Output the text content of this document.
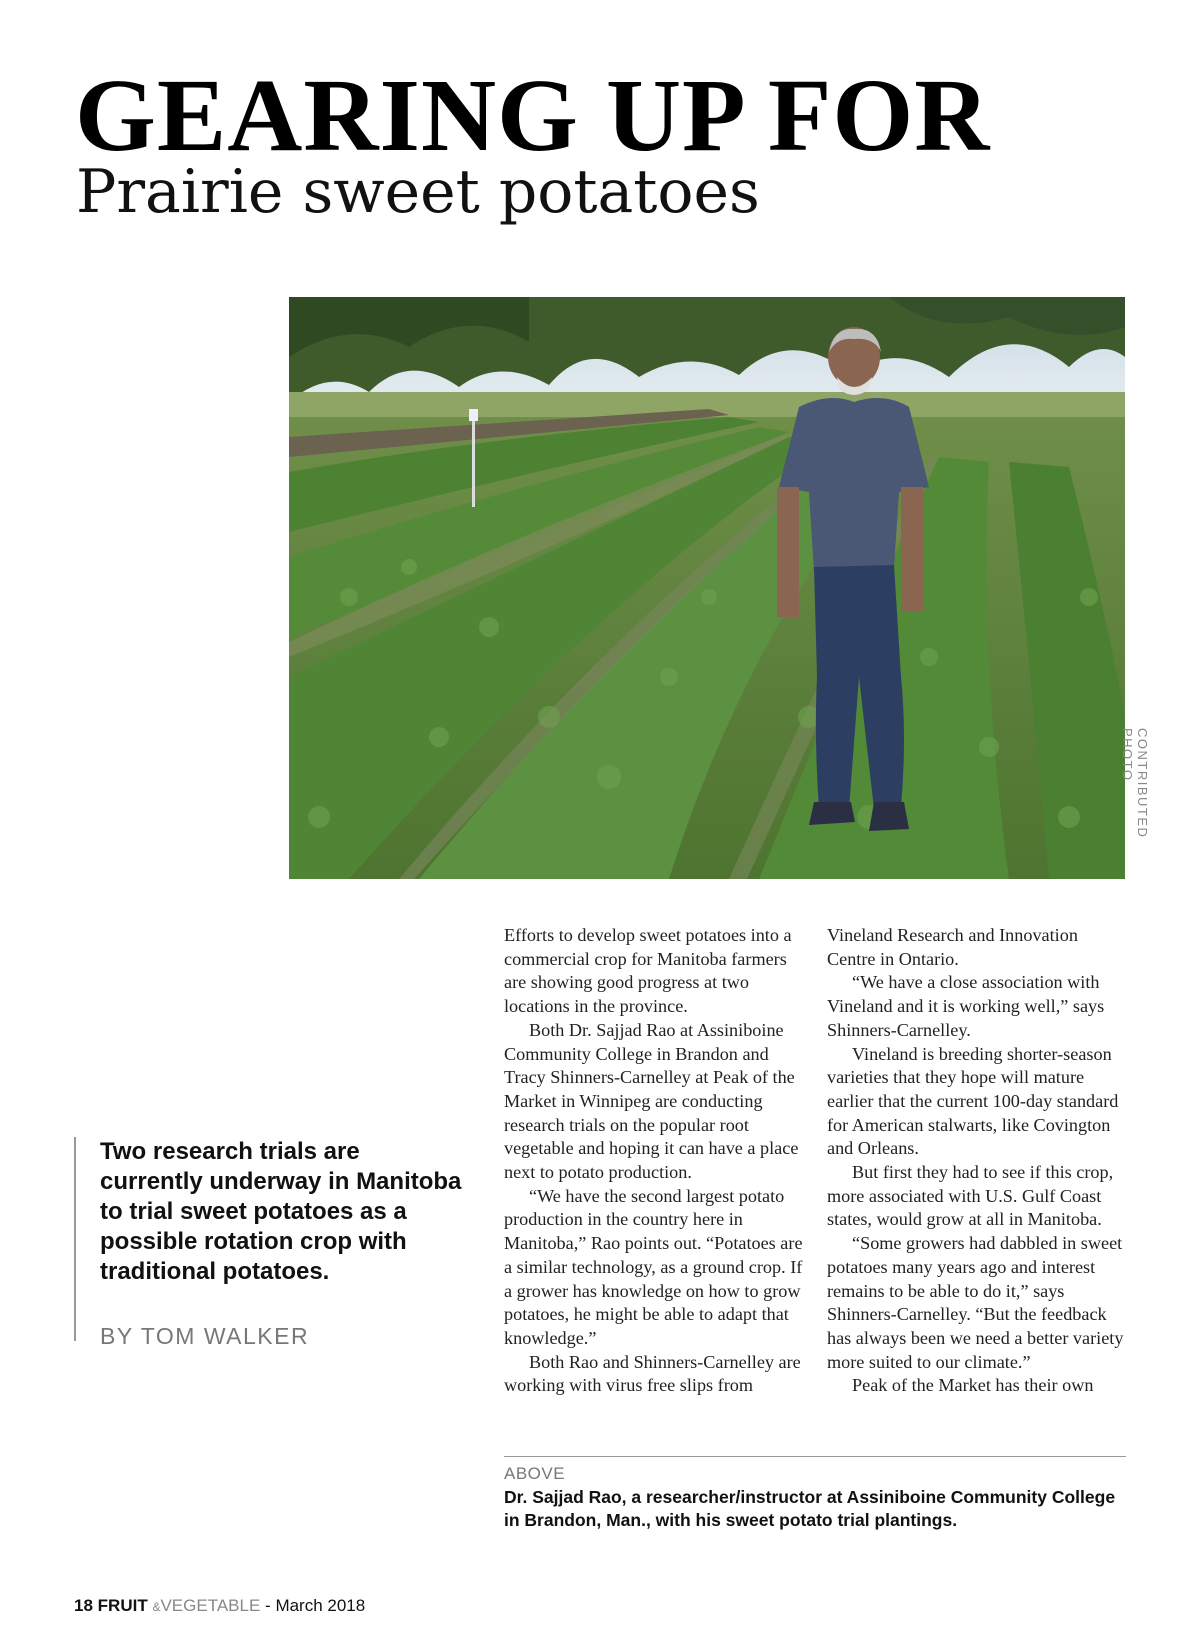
GEARING UP FOR
Prairie sweet potatoes
CONTRIBUTED PHOTO

Two research trials are currently underway in Manitoba to trial sweet potatoes as a possible rotation crop with traditional potatoes.

BY TOM WALKER

Efforts to develop sweet potatoes into a commercial crop for Manitoba farmers are showing good progress at two locations in the province.

Both Dr. Sajjad Rao at Assiniboine Community College in Brandon and Tracy Shinners-Carnelley at Peak of the Market in Winnipeg are conducting research trials on the popular root vegetable and hoping it can have a place next to potato production.

“We have the second largest potato production in the country here in Manitoba,” Rao points out. “Potatoes are a similar technology, as a ground crop. If a grower has knowledge on how to grow potatoes, he might be able to adapt that knowledge.”

Both Rao and Shinners-Carnelley are working with virus free slips from

Vineland Research and Innovation Centre in Ontario.

“We have a close association with Vineland and it is working well,” says Shinners-Carnelley.

Vineland is breeding shorter-season varieties that they hope will mature earlier that the current 100-day standard for American stalwarts, like Covington and Orleans.

But first they had to see if this crop, more associated with U.S. Gulf Coast states, would grow at all in Manitoba.

“Some growers had dabbled in sweet potatoes many years ago and interest remains to be able to do it,” says Shinners-Carnelley. “But the feedback has always been we need a better variety more suited to our climate.”

Peak of the Market has their own

ABOVE

Dr. Sajjad Rao, a researcher/instructor at Assiniboine Community College in Brandon, Man., with his sweet potato trial plantings.

18 FRUIT &VEGETABLE - March 2018
